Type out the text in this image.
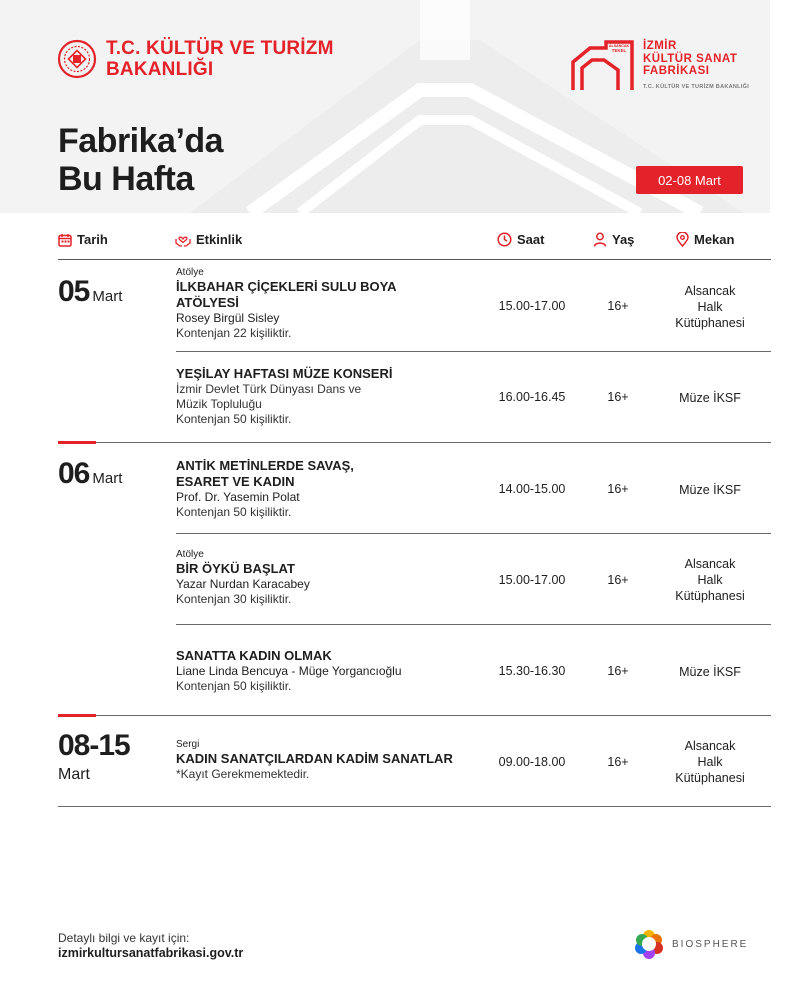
T.C. KÜLTÜR VE TURİZM
BAKANLIĞI
ALSANCAK
TEKEL İZMİR
KÜLTÜR SANAT
FABRİKASI
T.C. KÜLTÜR VE TURİZM BAKANLIĞI
Fabrika’da
Bu Hafta	02-08 Mart
Tarih	Etkinlik	Saat	Yaş	Mekan
05 Mart
Atölye
İLKBAHAR ÇİÇEKLERİ SULU BOYA
ATÖLYESİ
Rosey Birgül Sisley
Kontenjan 22 kişiliktir.
15.00-17.00	16+
Alsancak
Halk
Kütüphanesi
YEŞİLAY HAFTASI MÜZE KONSERİ
İzmir Devlet Türk Dünyası Dans ve
Müzik Topluluğu
Kontenjan 50 kişiliktir.
16.00-16.45	16+	Müze İKSF
06 Mart
ANTİK METİNLERDE SAVAŞ,
ESARET VE KADIN
Prof. Dr. Yasemin Polat
Kontenjan 50 kişiliktir.
14.00-15.00	16+	Müze İKSF
Atölye
BİR ÖYKÜ BAŞLAT
Yazar Nurdan Karacabey
Kontenjan 30 kişiliktir.
15.00-17.00	16+
Alsancak
Halk
Kütüphanesi
SANATTA KADIN OLMAK
Liane Linda Bencuya - Müge Yorgancıoğlu
Kontenjan 50 kişiliktir.
15.30-16.30	16+	Müze İKSF
08-15
Mart
Sergi
KADIN SANATÇILARDAN KADİM SANATLAR
*Kayıt Gerekmemektedir.
09.00-18.00	16+
Alsancak
Halk
Kütüphanesi
Detaylı bilgi ve kayıt için:
izmirkultursanatfabrikasi.gov.tr
BIOSPHERE
